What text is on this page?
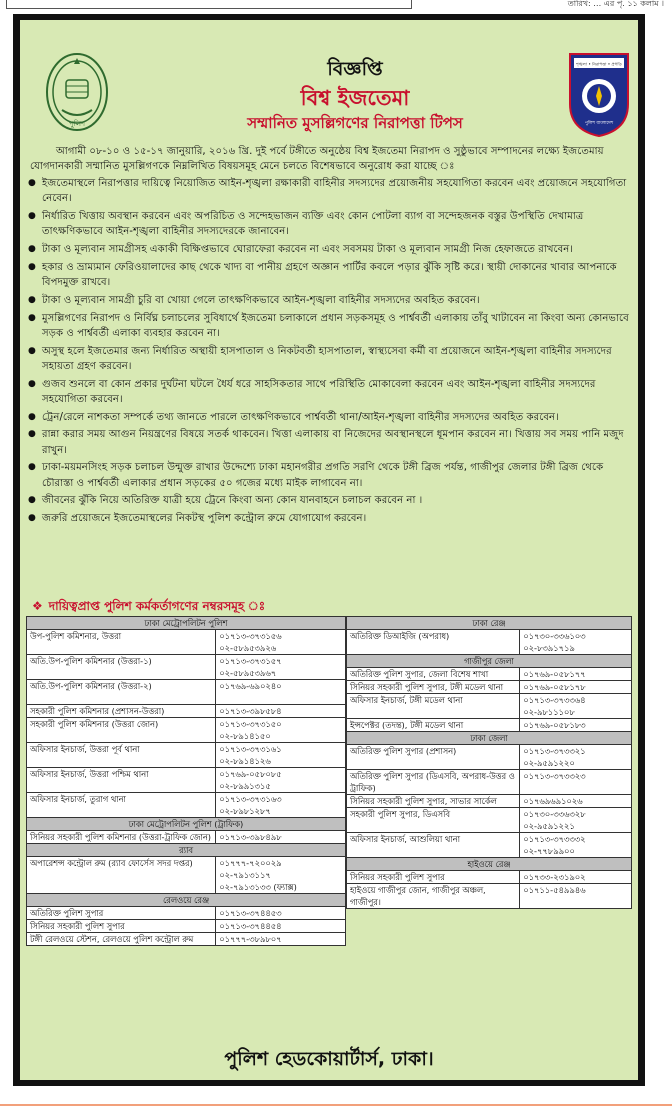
তারিখ: … এর পৃ. ১১ কলাম ।
পুলিশ
শৃঙ্খলা • নিরাপত্তা • প্রগতি
পুলিশ বাংলাদেশ
বিজ্ঞপ্তি
বিশ্ব ইজতেমা
সম্মানিত মুসল্লিগণের নিরাপত্তা টিপস
আগামী ০৮-১০ ও ১৫-১৭ জানুয়ারি, ২০১৬ খ্রি. দুই পর্বে টঙ্গীতে অনুষ্ঠেয় বিশ্ব ইজতেমা নিরাপদ ও সুষ্ঠুভাবে সম্পাদনের লক্ষ্যে ইজতেমায় যোগদানকারী সম্মানিত মুসল্লিগণকে নিম্নলিখিত বিষয়সমূহ মেনে চলতে বিশেষভাবে অনুরোধ করা যাচ্ছে ঃ
● ইজতেমাস্থলে নিরাপত্তার দায়িত্বে নিয়োজিত আইন-শৃঙ্খলা রক্ষাকারী বাহিনীর সদস্যদের প্রয়োজনীয় সহযোগিতা করবেন এবং প্রয়োজনে সহযোগিতা নেবেন।
● নির্ধারিত খিত্তায় অবস্থান করবেন এবং অপরিচিত ও সন্দেহভাজন ব্যক্তি এবং কোন পোটলা ব্যাগ বা সন্দেহজনক বস্তুর উপস্থিতি দেখামাত্র তাৎক্ষণিকভাবে আইন-শৃঙ্খলা বাহিনীর সদস্যদেরকে জানাবেন।
● টাকা ও মূল্যবান সামগ্রীসহ একাকী বিক্ষিপ্তভাবে ঘোরাফেরা করবেন না এবং সবসময় টাকা ও মূল্যবান সামগ্রী নিজ হেফাজতে রাখবেন।
● হকার ও ভ্রাম্যমান ফেরিওয়ালাদের কাছ থেকে খাদ্য বা পানীয় গ্রহণে অজ্ঞান পার্টির কবলে পড়ার ঝুঁকি সৃষ্টি করে। স্থায়ী দোকানের খাবার আপনাকে বিপদমুক্ত রাখবে।
● টাকা ও মূল্যবান সামগ্রী চুরি বা খোয়া গেলে তাৎক্ষণিকভাবে আইন-শৃঙ্খলা বাহিনীর সদস্যদের অবহিত করবেন।
● মুসল্লিগণের নিরাপদ ও নির্বিঘ্ন চলাচলের সুবিধার্থে ইজতেমা চলাকালে প্রধান সড়কসমূহ ও পার্শ্ববর্তী এলাকায় তাঁবু খাটাবেন না কিংবা অন্য কোনভাবে সড়ক ও পার্শ্ববর্তী এলাকা ব্যবহার করবেন না।
● অসুস্থ হলে ইজতেমার জন্য নির্ধারিত অস্থায়ী হাসপাতাল ও নিকটবর্তী হাসপাতাল, স্বাস্থ্যসেবা কর্মী বা প্রয়োজনে আইন-শৃঙ্খলা বাহিনীর সদস্যদের সহায়তা গ্রহণ করবেন।
● গুজব শুনলে বা কোন প্রকার দুর্ঘটনা ঘটলে ধৈর্য ধরে সাহসিকতার সাথে পরিস্থিতি মোকাবেলা করবেন এবং আইন-শৃঙ্খলা বাহিনীর সদস্যদের সহযোগিতা করবেন।
● ট্রেন/রেলে নাশকতা সম্পর্কে তথ্য জানতে পারলে তাৎক্ষণিকভাবে পার্শ্ববর্তী থানা/আইন-শৃঙ্খলা বাহিনীর সদস্যদের অবহিত করবেন।
● রান্না করার সময় আগুন নিয়ন্ত্রণের বিষয়ে সতর্ক থাকবেন। খিত্তা এলাকায় বা নিজেদের অবস্থানস্থলে ধূমপান করবেন না। খিত্তায় সব সময় পানি মজুদ রাখুন।
● ঢাকা-ময়মনসিংহ সড়ক চলাচল উন্মুক্ত রাখার উদ্দেশ্যে ঢাকা মহানগরীর প্রগতি সরণি থেকে টঙ্গী ব্রিজ পর্যন্ত, গাজীপুর জেলার টঙ্গী ব্রিজ থেকে চৌরাস্তা ও পার্শ্ববর্তী এলাকার প্রধান সড়কের ৫০ গজের মধ্যে মাইক লাগাবেন না।
● জীবনের ঝুঁকি নিয়ে অতিরিক্ত যাত্রী হয়ে ট্রেনে কিংবা অন্য কোন যানবাহনে চলাচল করবেন না ।
● জরুরি প্রয়োজনে ইজতেমাস্থলের নিকটস্থ পুলিশ কন্ট্রোল রুমে যোগাযোগ করবেন।
❖ দায়িত্বপ্রাপ্ত পুলিশ কর্মকর্তাগণের নম্বরসমূহ ঃ
ঢাকা মেট্রোপলিটন পুলিশ	
উপ-পুলিশ কমিশনার, উত্তরা	০১৭১৩-৩৭৩১৫৬
০২-৫৮৯৫৩৯২৬

অতি.উপ-পুলিশ কমিশনার (উত্তরা-১)	০১৭১৩-৩৭৩১৫৭
০২-৫৮৯৫৩৯৬৭

অতি.উপ-পুলিশ কমিশনার (উত্তরা-২)	০১৭৬৯-৬৯০২৪০

সহকারী পুলিশ কমিশনার (প্রশাসন-উত্তরা)	০১৭১৩-৩৯৮৫৮৪

সহকারী পুলিশ কমিশনার (উত্তরা জোন)	০১৭১৩-৩৭৩১৫০
০২-৮৯১৪১৫০

অফিসার ইনচার্জ, উত্তরা পূর্ব থানা	০১৭১৩-৩৭৩১৬১
০২-৮৯১৪১২৬

অফিসার ইনচার্জ, উত্তরা পশ্চিম থানা	০১৭৬৯-০৫৮০৮৫
০২-৮৯৯১৩১৫

অফিসার ইনচার্জ, তুরাগ থানা	০১৭১৩-৩৭৩১৬৩
০২-৮৯৮১২৮৭

ঢাকা মেট্রোপলিটন পুলিশ (ট্রাফিক)	
সিনিয়র সহকারী পুলিশ কমিশনার (উত্তরা-ট্রাফিক জোন)	০১৭১৩-৩৯৮৪৯৮

র‍্যাব	
অপারেশন্স কন্ট্রোল রুম (র‍্যাব ফোর্সেস সদর দপ্তর)	০১৭৭৭-৭২০০২৯
০২-৭৯১৩১১৭
০২-৭৯১৩১৩৩ (ফ্যাক্স)

রেলওয়ে রেঞ্জ	
অতিরিক্ত পুলিশ সুপার	০১৭১৩-৩৭৪৪৫৩

সিনিয়র সহকারী পুলিশ সুপার	০১৭১৩-৩৭৪৪৫৪

টঙ্গী রেলওয়ে স্টেশন, রেলওয়ে পুলিশ কন্ট্রোল রুম	০১৭৭৭-৩৮৯৮০৭
ঢাকা রেঞ্জ	
অতিরিক্ত ডিআইজি (অপরাধ)	০১৭৩০-৩৩৬১০৩
০২-৮৩৯১৭১৯

গাজীপুর জেলা	
অতিরিক্ত পুলিশ সুপার, জেলা বিশেষ শাখা	০১৭৬৯-০৫৮১৭৭

সিনিয়র সহকারী পুলিশ সুপার, টঙ্গী মডেল থানা	০১৭৬৯-০৫৮১৭৮

অফিসার ইনচার্জ, টঙ্গী মডেল থানা	০১৭১৩-৩৭৩৩৬৪
০২-৯৮১১১০৮

ইন্সপেক্টর (তদন্ত), টঙ্গী মডেল থানা	০১৭৬৯-০৫৮১৮৩

ঢাকা জেলা	
অতিরিক্ত পুলিশ সুপার (প্রশাসন)	০১৭১৩-৩৭৩৩২১
০২-৯৫৯১২২০

অতিরিক্ত পুলিশ সুপার (ডিএসবি, অপরাধ-উত্তর ও ট্রাফিক)	০১৭১৩-৩৭৩৩২৩

সিনিয়র সহকারী পুলিশ সুপার, সাভার সার্কেল	০১৭৬৯৬৯১০২৬

সহকারী পুলিশ সুপার, ডিএসবি	০১৭৩০-৩৩৬৩২৮
০২-৯৫৯১২২১

অফিসার ইনচার্জ, আশুলিয়া থানা	০১৭১৩-৩৭৩৩৩২
০২-৭৭৮৯৯০০

হাইওয়ে রেঞ্জ	
সিনিয়র সহকারী পুলিশ সুপার	০১৭৩৩-২৩১৯০২

হাইওয়ে গাজীপুর জোন, গাজীপুর অঞ্চল, গাজীপুর।	০১৭১১-৫৪৯৯৪৬
পুলিশ হেডকোয়ার্টার্স, ঢাকা।
